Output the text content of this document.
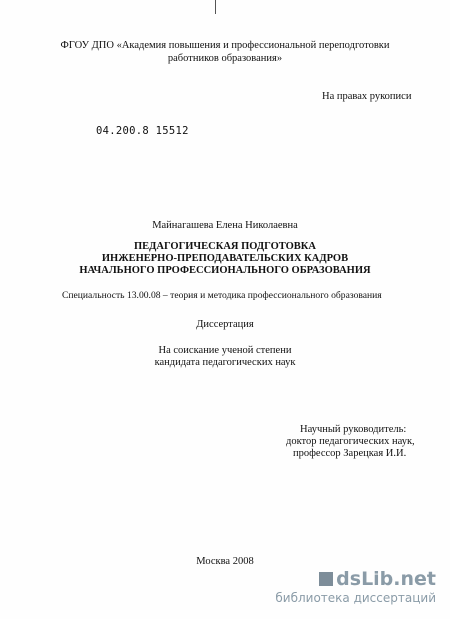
ФГОУ ДПО «Академия повышения и профессиональной переподготовки
работников образования»
На правах рукописи
04.200.8 15512
Майнагашева Елена Николаевна
ПЕДАГОГИЧЕСКАЯ ПОДГОТОВКА
ИНЖЕНЕРНО-ПРЕПОДАВАТЕЛЬСКИХ КАДРОВ
НАЧАЛЬНОГО ПРОФЕССИОНАЛЬНОГО ОБРАЗОВАНИЯ
Специальность 13.00.08 – теория и методика профессионального образования
Диссертация
На соискание ученой степени
кандидата педагогических наук
Научный руководитель:
доктор педагогических наук,
профессор Зарецкая И.И.
Москва 2008
dsLib.net
библиотека диссертаций
